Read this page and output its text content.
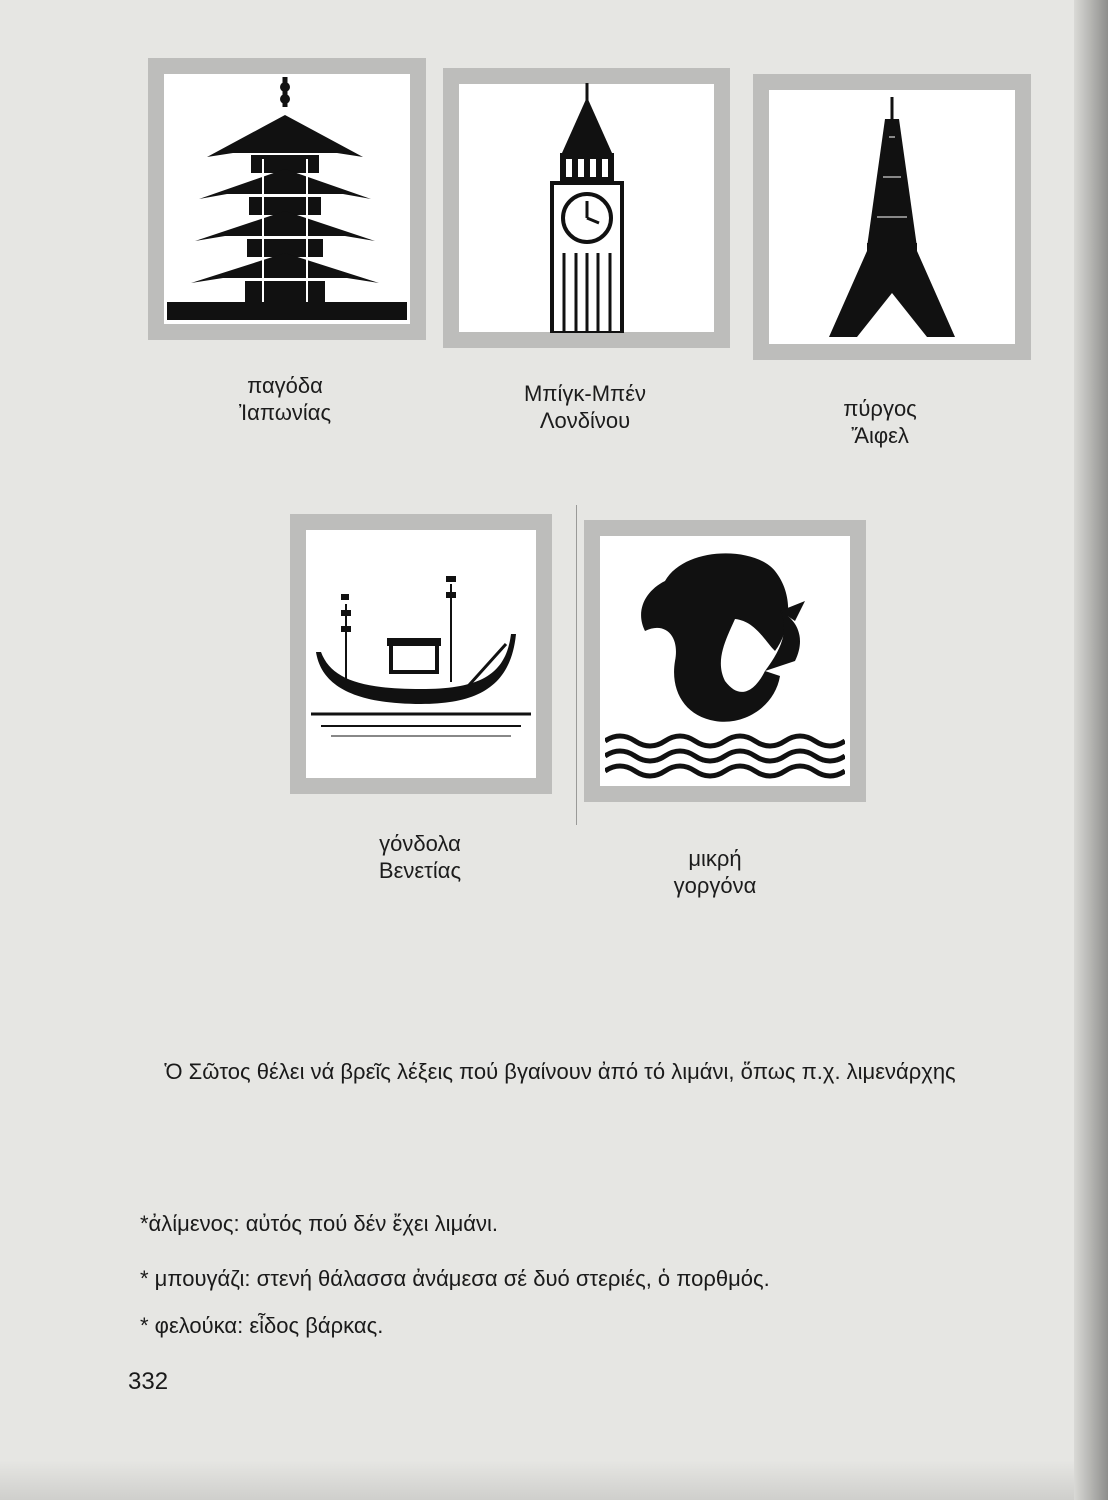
παγόδα
Ἰαπωνίας
Μπίγκ-Μπέν
Λονδίνου	πύργος
Ἄιφελ
γόνδολα
Βενετίας	μικρή
γοργόνα
Ὁ Σῶτος θέλει νά βρεῖς λέξεις πού βγαίνουν ἀπό τό λιμάνι, ὅπως π.χ. λιμενάρχης
*ἀλίμενος: αὐτός πού δέν ἔχει λιμάνι.
* μπουγάζι: στενή θάλασσα ἀνάμεσα σέ δυό στεριές, ὁ πορθμός.
* φελούκα: εἶδος βάρκας.
332
